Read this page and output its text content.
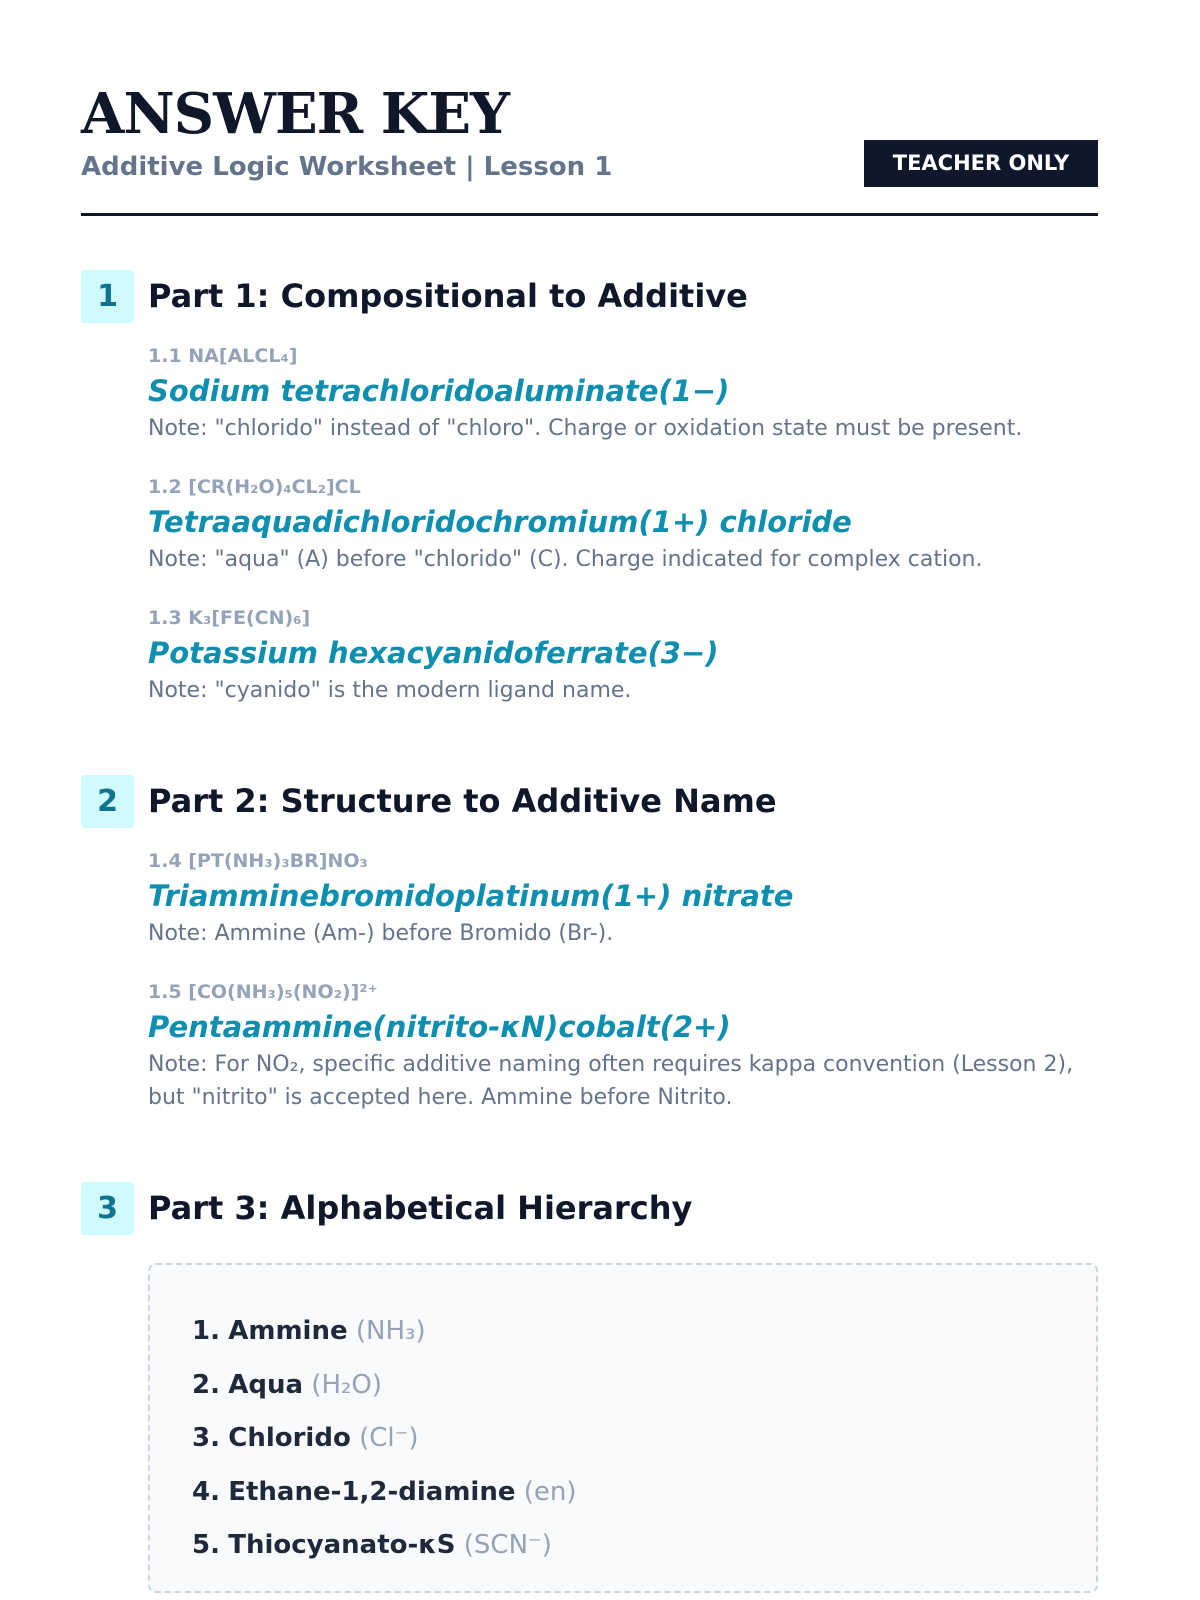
ANSWER KEY
Additive Logic Worksheet | Lesson 1	TEACHER ONLY
1 Part 1: Compositional to Additive
1.1 NA[ALCL₄]
Sodium tetrachloridoaluminate(1−)
Note: "chlorido" instead of "chloro". Charge or oxidation state must be present.
1.2 [CR(H₂O)₄CL₂]CL
Tetraaquadichloridochromium(1+) chloride
Note: "aqua" (A) before "chlorido" (C). Charge indicated for complex cation.
1.3 K₃[FE(CN)₆]
Potassium hexacyanidoferrate(3−)
Note: "cyanido" is the modern ligand name.
2 Part 2: Structure to Additive Name
1.4 [PT(NH₃)₃BR]NO₃
Triamminebromidoplatinum(1+) nitrate
Note: Ammine (Am-) before Bromido (Br-).
1.5 [CO(NH₃)₅(NO₂)]²⁺
Pentaammine(nitrito-κN)cobalt(2+)
Note: For NO₂, specific additive naming often requires kappa convention (Lesson 2), but "nitrito" is accepted here. Ammine before Nitrito.
3 Part 3: Alphabetical Hierarchy
1. Ammine (NH₃)
2. Aqua (H₂O)
3. Chlorido (Cl⁻)
4. Ethane-1,2-diamine (en)
5. Thiocyanato-κS (SCN⁻)
